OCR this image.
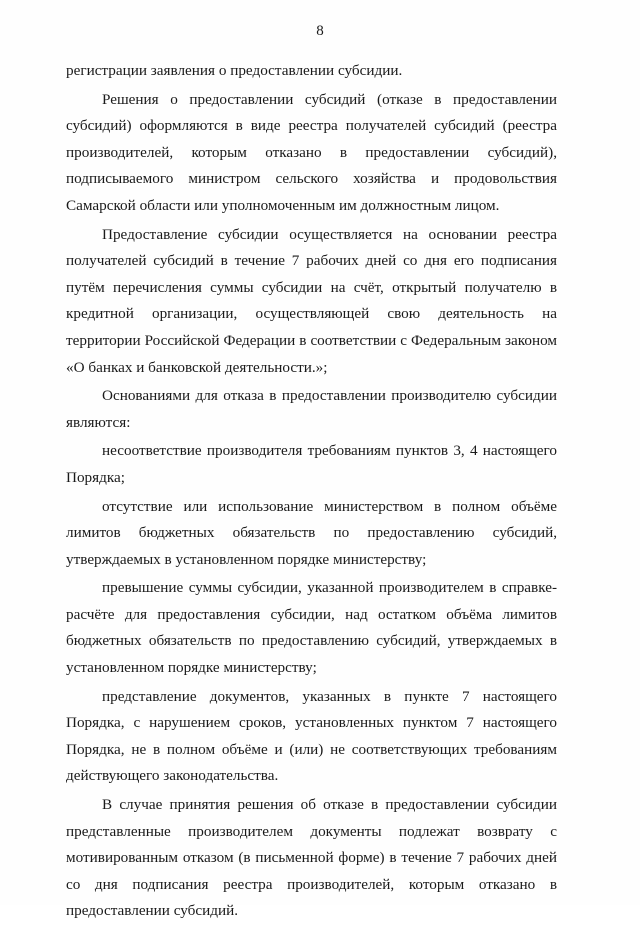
8

регистрации заявления о предоставлении субсидии.

Решения о предоставлении субсидий (отказе в предоставлении субсидий) оформляются в виде реестра получателей субсидий (реестра производителей, которым отказано в предоставлении субсидий), подписываемого министром сельского хозяйства и продовольствия Самарской области или уполномоченным им должностным лицом.

Предоставление субсидии осуществляется на основании реестра получателей субсидий в течение 7 рабочих дней со дня его подписания путём перечисления суммы субсидии на счёт, открытый получателю в кредитной организации, осуществляющей свою деятельность на территории Российской Федерации в соответствии с Федеральным законом «О банках и банковской деятельности.»;

Основаниями для отказа в предоставлении производителю субсидии являются:

несоответствие производителя требованиям пунктов 3, 4 настоящего Порядка;

отсутствие или использование министерством в полном объёме лимитов бюджетных обязательств по предоставлению субсидий, утверждаемых в установленном порядке министерству;

превышение суммы субсидии, указанной производителем в справке-расчёте для предоставления субсидии, над остатком объёма лимитов бюджетных обязательств по предоставлению субсидий, утверждаемых в установленном порядке министерству;

представление документов, указанных в пункте 7 настоящего Порядка, с нарушением сроков, установленных пунктом 7 настоящего Порядка, не в полном объёме и (или) не соответствующих требованиям действующего законодательства.

В случае принятия решения об отказе в предоставлении субсидии представленные производителем документы подлежат возврату с мотивированным отказом (в письменной форме) в течение 7 рабочих дней со дня подписания реестра производителей, которым отказано в предоставлении субсидий.
